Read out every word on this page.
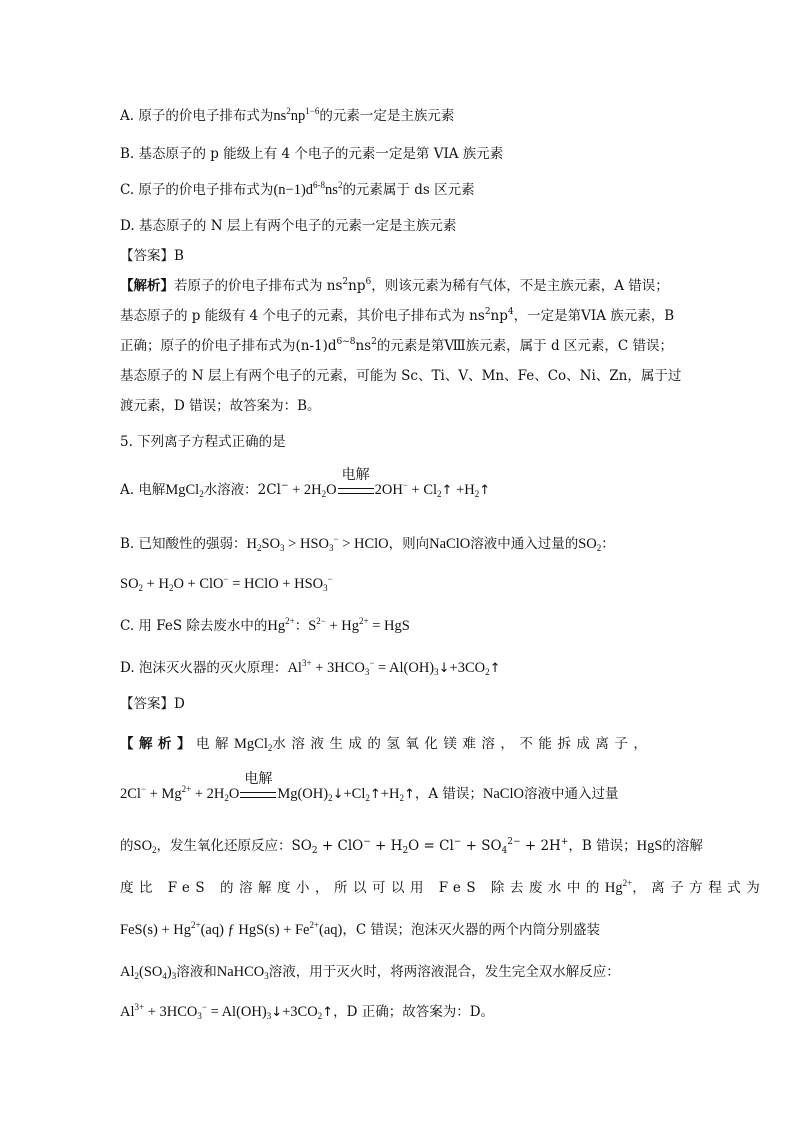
A. 原子的价电子排布式为$ns^2np^{1-6}$的元素一定是主族元素
B. 基态原子的 p 能级上有 4 个电子的元素一定是第 VIA 族元素
C. 原子的价电子排布式为$(n-1)d^{6-8}ns^2$的元素属于 ds 区元素
D. 基态原子的 N 层上有两个电子的元素一定是主族元素
【答案】B
【解析】若原子的价电子排布式为 $ns^2np^6$，则该元素为稀有气体，不是主族元素，A 错误；
基态原子的 p 能级有 4 个电子的元素，其价电子排布式为 $ns^2np^4$，一定是第VIA 族元素，B
正确；原子的价电子排布式为$(n-1)d^{6\sim 8}ns^2$的元素是第Ⅷ族元素，属于 d 区元素，C 错误；
基态原子的 N 层上有两个电子的元素，可能为 Sc、Ti、V、Mn、Fe、Co、Ni、Zn，属于过
渡元素，D 错误；故答案为：B。
5. 下列离子方程式正确的是
A. 电解MgCl$_2$水溶液：$2Cl^- + 2H_2O$
电解
$2OH^- + Cl_2↑$ $+H_2↑$
B. 已知酸性的强弱：$H_2SO_3 > HSO_3^-$ > HClO，则向NaClO溶液中通入过量的$SO_2$：
$SO_2 + H_2O + ClO^-$ = HClO + $HSO_3^-$
C. 用 FeS 除去废水中的$Hg^{2+}$：$S^{2-} + Hg^{2+}$ = HgS
D. 泡沫灭火器的灭火原理：$Al^{3+} + 3HCO_3^-$ = $Al(OH)_3↓+3CO_2↑$
【答案】D
【解析】电解MgCl$_2$水溶液生成的氢氧化镁难溶，不能拆成离子，
$2Cl^- + Mg^{2+} + 2H_2O$
电解
$Mg(OH)_2↓+Cl_2↑+H_2↑$，A 错误；NaClO溶液中通入过量
的$SO_2$，发生氧化还原反应：$SO_2 + ClO^- + H_2O = Cl^- + SO_4^{2-} + 2H^+$，B 错误；HgS的溶解
度比 FeS 的溶解度小，所以可以用 FeS 除去废水中的$Hg^{2+}$，离子方程式为
$FeS(s) + Hg^{2+}(aq)$ ƒ $HgS(s) + Fe^{2+}(aq)$，C 错误；泡沫灭火器的两个内筒分别盛装
$Al_2(SO_4)_3$溶液和NaHCO$_3$溶液，用于灭火时，将两溶液混合，发生完全双水解反应：
$Al^{3+} + 3HCO_3^-$ = $Al(OH)_3↓+3CO_2↑$，D 正确；故答案为：D。
